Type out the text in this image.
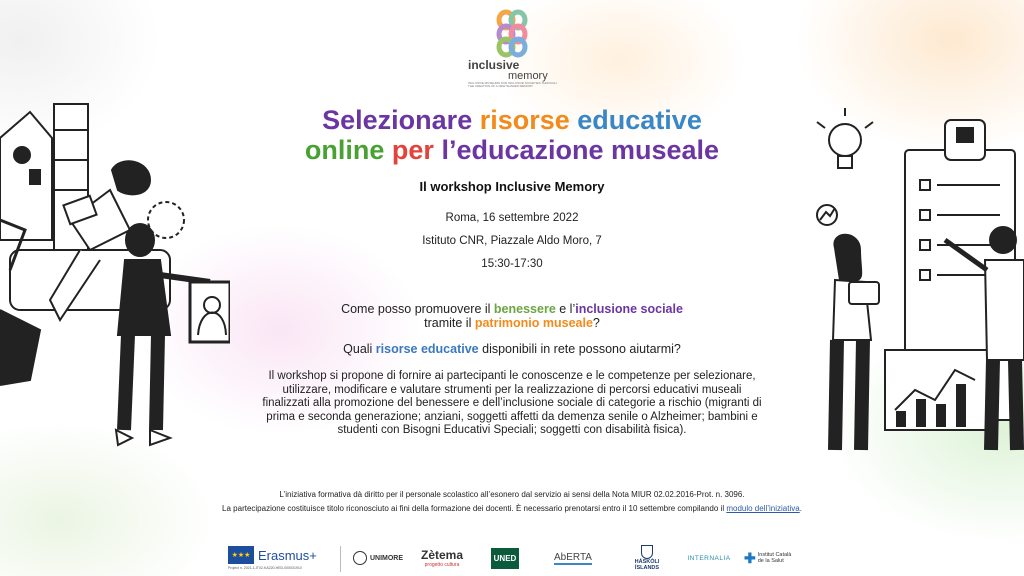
inclusive
memory
INCLUSIVE MUSEUMS FOR INCLUSIVE SOCIETIES THROUGH THE CREATION OF A NEW SHARED MEMORY
Selezionare risorse educative
online per l’educazione museale
Il workshop Inclusive Memory
Roma, 16 settembre 2022
Istituto CNR, Piazzale Aldo Moro, 7
15:30-17:30
Come posso promuovere il benessere e l’inclusione sociale
tramite il patrimonio museale?
Quali risorse educative disponibili in rete possono aiutarmi?
Il workshop si propone di fornire ai partecipanti le conoscenze e le competenze per selezionare, utilizzare, modificare e valutare strumenti per la realizzazione di percorsi educativi museali finalizzati alla promozione del benessere e dell’inclusione sociale di categorie a rischio (migranti di prima e seconda generazione; anziani, soggetti affetti da demenza senile o Alzheimer; bambini e studenti con Bisogni Educativi Speciali; soggetti con disabilità fisica).
L’iniziativa formativa dà diritto per il personale scolastico all’esonero dal servizio ai sensi della Nota MIUR 02.02.2016-Prot. n. 3096.
La partecipazione costituisce titolo riconosciuto ai fini della formazione dei docenti. È necessario prenotarsi entro il 10 settembre compilando il modulo dell’iniziativa.
★★★ Erasmus+
Project n. 2021-1-IT02-KA220-HED-000031910
UNIMORE Zètema
progetto cultura
UNED	AbERTA	HÁSKÓLI ÍSLANDS
INTERNALIA ✚ Institut Català de la Salut
